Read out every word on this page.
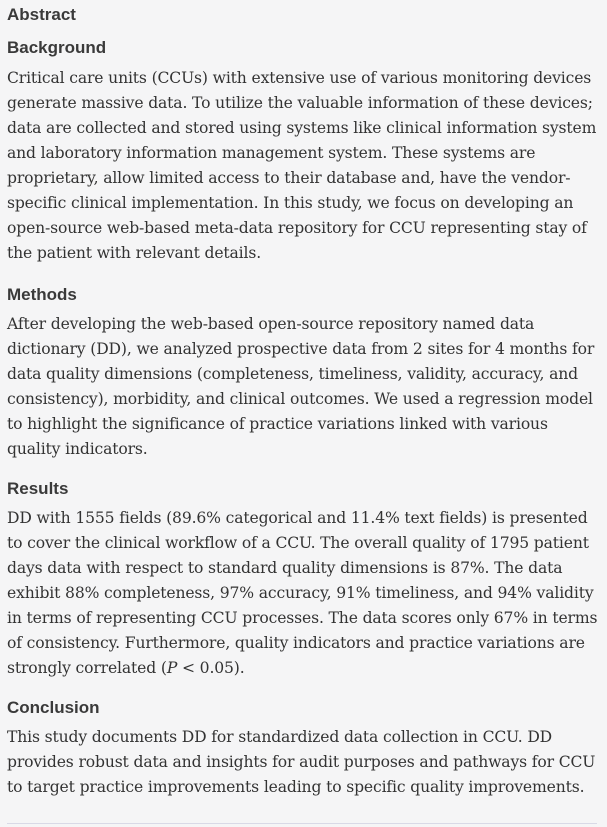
Abstract
Background

Critical care units (CCUs) with extensive use of various monitoring devices generate massive data. To utilize the valuable information of these devices; data are collected and stored using systems like clinical information system and laboratory information management system. These systems are proprietary, allow limited access to their database and, have the vendor-specific clinical implementation. In this study, we focus on developing an open-source web-based meta-data repository for CCU representing stay of the patient with relevant details.

Methods

After developing the web-based open-source repository named data dictionary (DD), we analyzed prospective data from 2 sites for 4 months for data quality dimensions (completeness, timeliness, validity, accuracy, and consistency), morbidity, and clinical outcomes. We used a regression model to highlight the significance of practice variations linked with various quality indicators.

Results

DD with 1555 fields (89.6% categorical and 11.4% text fields) is presented to cover the clinical workflow of a CCU. The overall quality of 1795 patient days data with respect to standard quality dimensions is 87%. The data exhibit 88% completeness, 97% accuracy, 91% timeliness, and 94% validity in terms of representing CCU processes. The data scores only 67% in terms of consistency. Furthermore, quality indicators and practice variations are strongly correlated (P < 0.05).

Conclusion

This study documents DD for standardized data collection in CCU. DD provides robust data and insights for audit purposes and pathways for CCU to target practice improvements leading to specific quality improvements.
